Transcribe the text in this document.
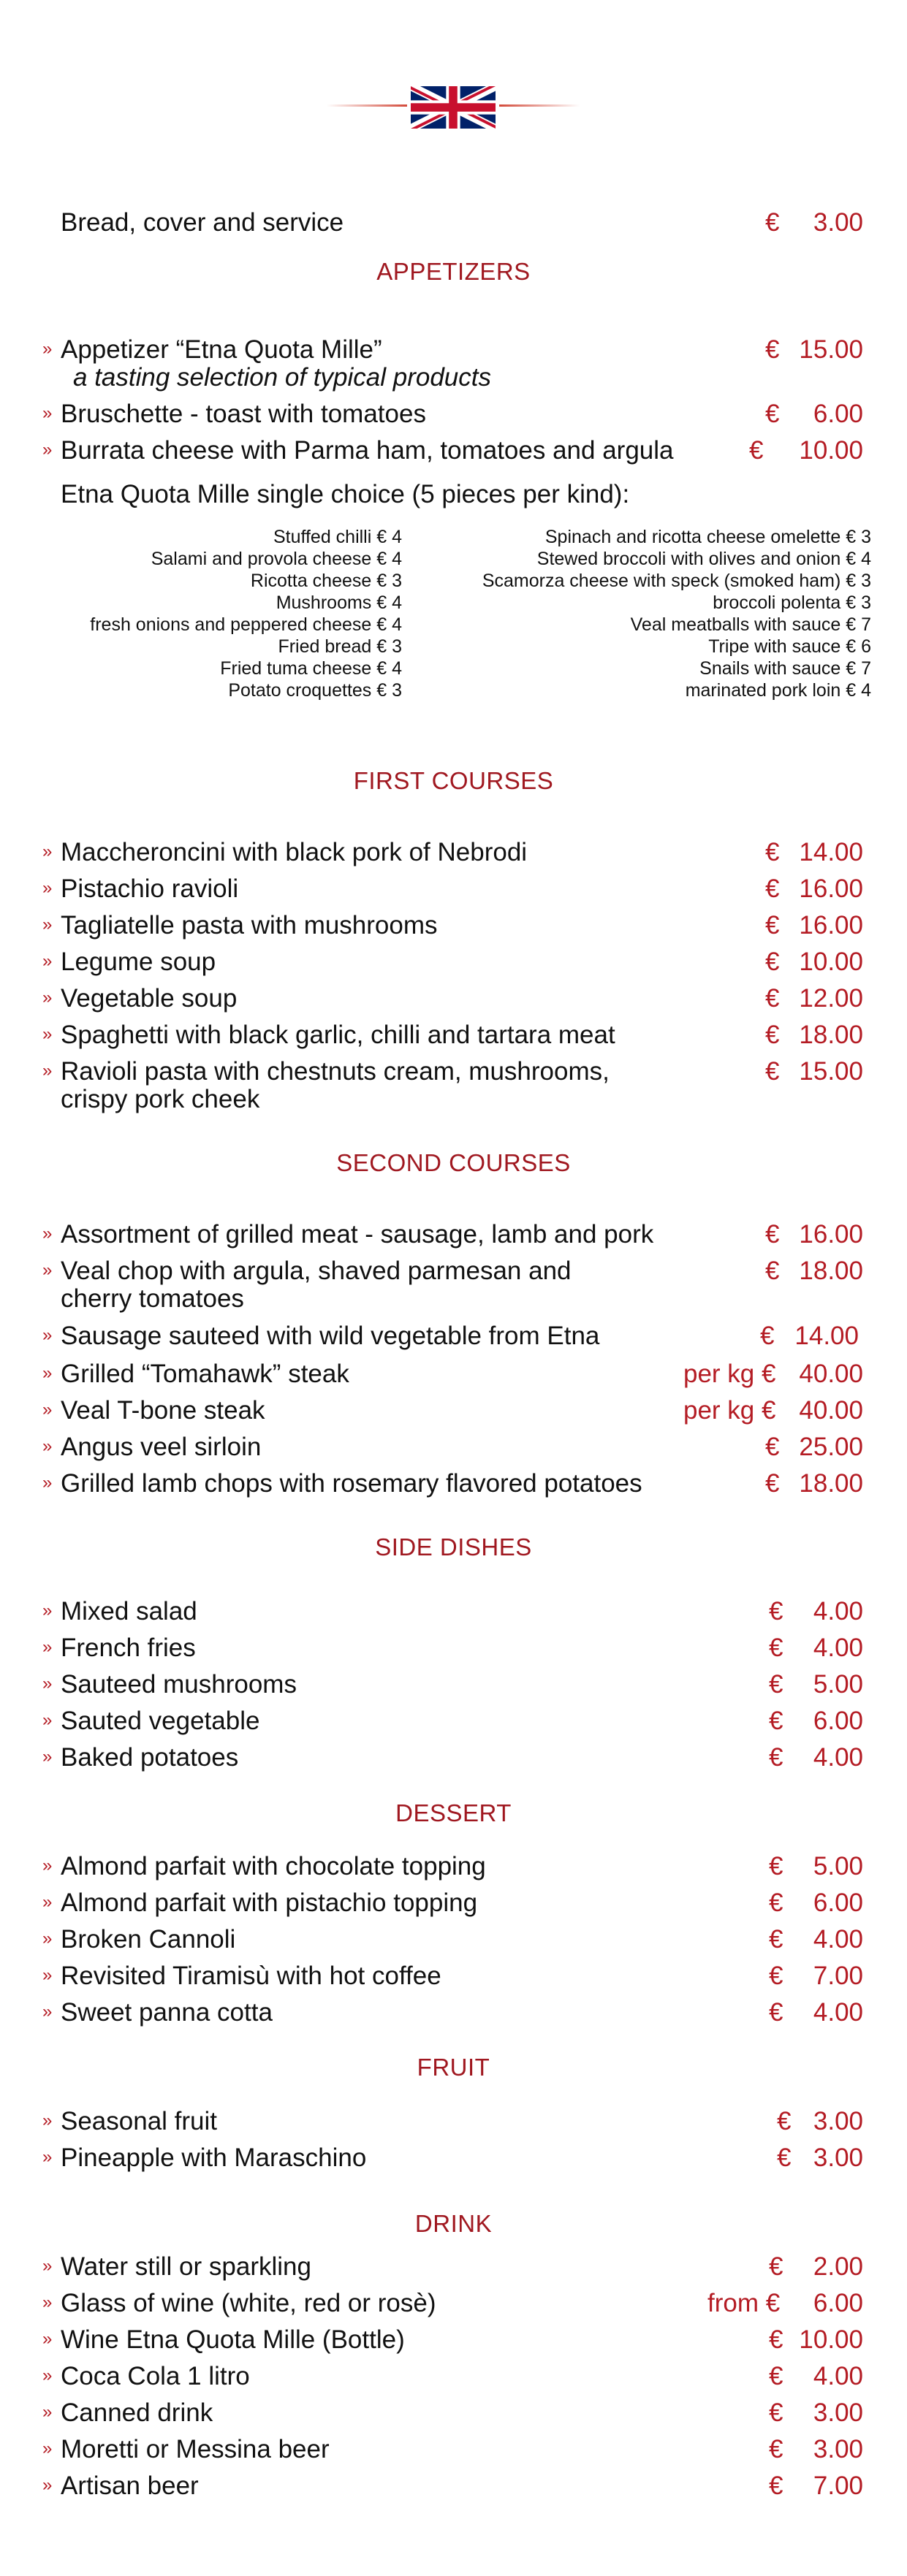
Bread, cover and service	€ 3.00
APPETIZERS
» Appetizer “Etna Quota Mille”
a tasting selection of typical products
€ 15.00
» Bruschette - toast with tomatoes	€ 6.00
» Burrata cheese with Parma ham, tomatoes and argula	€ 10.00
Etna Quota Mille single choice (5 pieces per kind):
Stuffed chilli € 4
Salami and provola cheese € 4
Ricotta cheese € 3
Mushrooms € 4
fresh onions and peppered cheese € 4
Fried bread € 3
Fried tuma cheese € 4
Potato croquettes € 3
Spinach and ricotta cheese omelette € 3
Stewed broccoli with olives and onion € 4
Scamorza cheese with speck (smoked ham) € 3
broccoli polenta € 3
Veal meatballs with sauce € 7
Tripe with sauce € 6
Snails with sauce € 7
marinated pork loin € 4
FIRST COURSES
» Maccheroncini with black pork of Nebrodi	€ 14.00
» Pistachio ravioli	€ 16.00
» Tagliatelle pasta with mushrooms	€ 16.00
» Legume soup	€ 10.00
» Vegetable soup	€ 12.00
» Spaghetti with black garlic, chilli and tartara meat	€ 18.00
» Ravioli pasta with chestnuts cream, mushrooms,
crispy pork cheek
€ 15.00
SECOND COURSES
» Assortment of grilled meat - sausage, lamb and pork	€ 16.00
» Veal chop with argula, shaved parmesan and
cherry tomatoes
€ 18.00
» Sausage sauteed with wild vegetable from Etna	€ 14.00
» Grilled “Tomahawk” steak	per kg € 40.00
» Veal T-bone steak	per kg € 40.00
» Angus veel sirloin	€ 25.00
» Grilled lamb chops with rosemary flavored potatoes	€ 18.00
SIDE DISHES
» Mixed salad	€ 4.00
» French fries	€ 4.00
» Sauteed mushrooms	€ 5.00
» Sauted vegetable	€ 6.00
» Baked potatoes	€ 4.00
DESSERT
» Almond parfait with chocolate topping	€ 5.00
» Almond parfait with pistachio topping	€ 6.00
» Broken Cannoli	€ 4.00
» Revisited Tiramisù with hot coffee	€ 7.00
» Sweet panna cotta	€ 4.00
FRUIT
» Seasonal fruit	€ 3.00
» Pineapple with Maraschino	€ 3.00
DRINK
» Water still or sparkling	€ 2.00
» Glass of wine (white, red or rosè)	from € 6.00
» Wine Etna Quota Mille (Bottle)	€ 10.00
» Coca Cola 1 litro	€ 4.00
» Canned drink	€ 3.00
» Moretti or Messina beer	€ 3.00
» Artisan beer	€ 7.00
